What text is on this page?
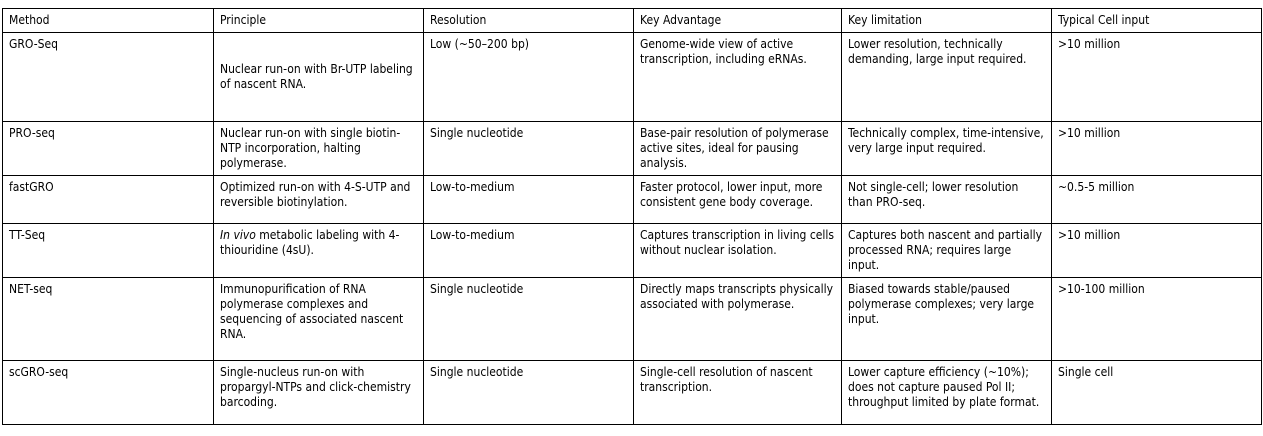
Method	Principle	Resolution	Key Advantage	Key limitation	Typical Cell input
GRO-Seq	Nuclear run-on with Br-UTP labeling of nascent RNA.	Low (~50–200 bp)	Genome-wide view of active transcription, including eRNAs.	Lower resolution, technically demanding, large input required.	>10 million
PRO-seq	Nuclear run-on with single biotin-NTP incorporation, halting polymerase.	Single nucleotide	Base-pair resolution of polymerase active sites, ideal for pausing analysis.	Technically complex, time-intensive, very large input required.	>10 million
fastGRO	Optimized run-on with 4-S-UTP and reversible biotinylation.	Low-to-medium	Faster protocol, lower input, more consistent gene body coverage.	Not single-cell; lower resolution than PRO-seq.	~0.5-5 million
TT-Seq	In vivo metabolic labeling with 4-thiouridine (4sU).	Low-to-medium	Captures transcription in living cells without nuclear isolation.	Captures both nascent and partially processed RNA; requires large input.	>10 million
NET-seq	Immunopurification of RNA polymerase complexes and sequencing of associated nascent RNA.	Single nucleotide	Directly maps transcripts physically associated with polymerase.	Biased towards stable/paused polymerase complexes; very large input.	>10-100 million
scGRO-seq	Single-nucleus run-on with propargyl-NTPs and click-chemistry barcoding.	Single nucleotide	Single-cell resolution of nascent transcription.	Lower capture efficiency (~10%); does not capture paused Pol II; throughput limited by plate format.	Single cell
